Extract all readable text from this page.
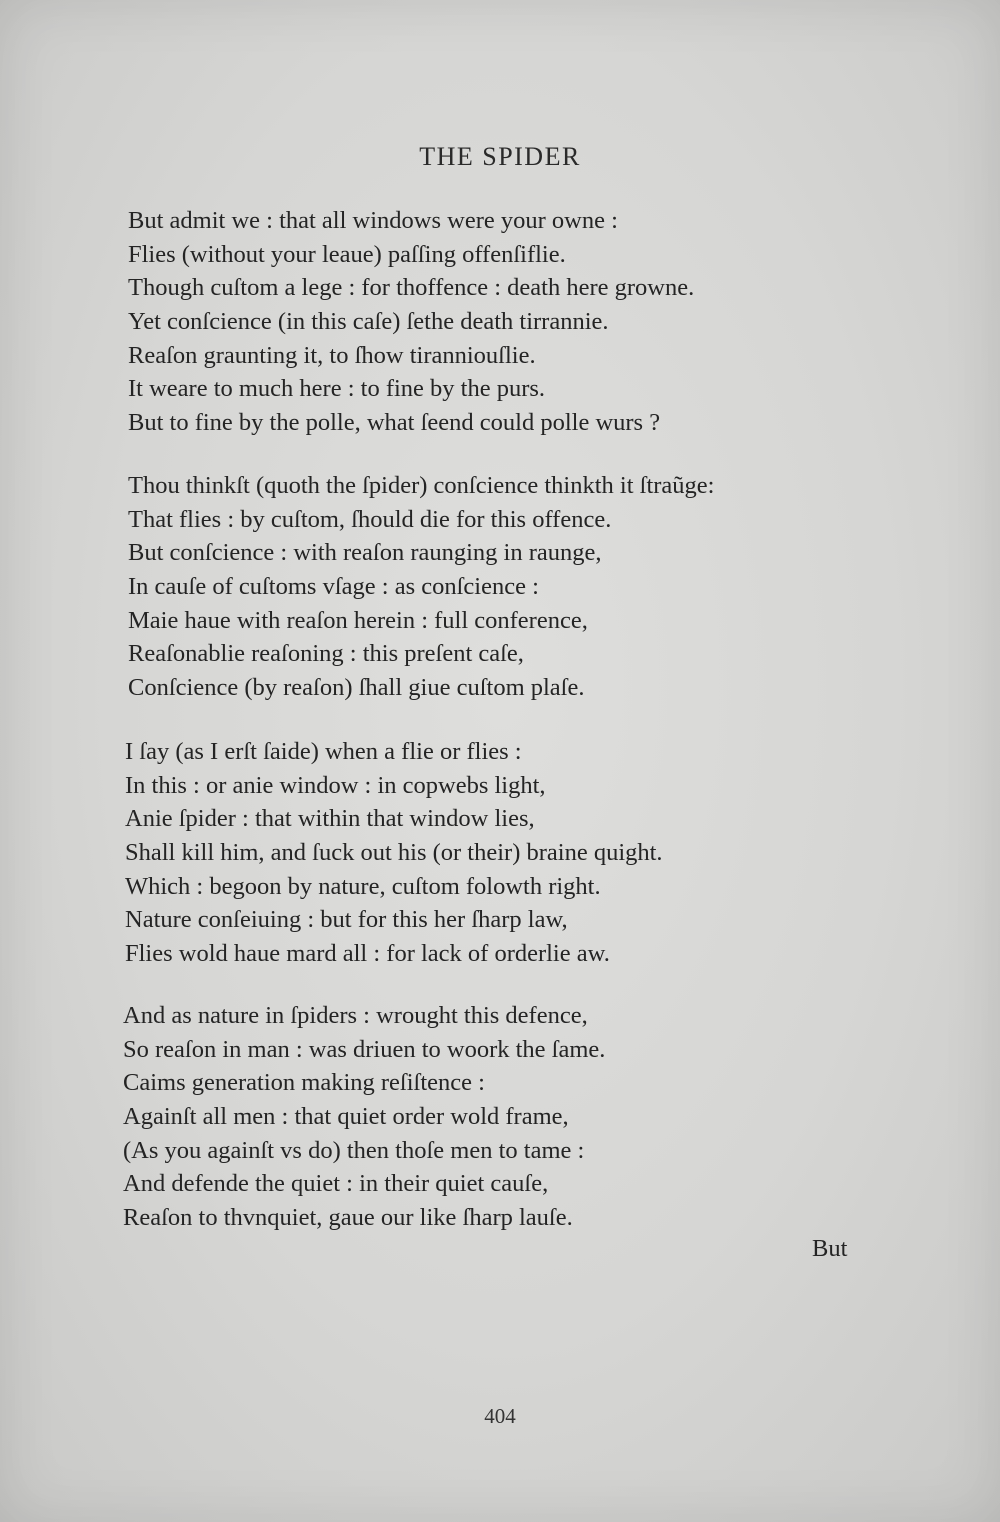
THE SPIDER
But admit we : that all windows were your owne :
Flies (without your leaue) paſſing offenſiflie.
Though cuſtom a lege : for thoffence : death here growne.
Yet conſcience (in this caſe) ſethe death tirrannie.
Reaſon graunting it, to ſhow tirannіouſlie.
It weare to much here : to fine by the purs.
But to fine by the polle, what ſeend could polle wurs ?
Thou thinkſt (quoth the ſpider) conſcience thinkth it ſtraũge:
That flies : by cuſtom, ſhould die for this offence.
But conſcience : with reaſon raunging in raunge,
In cauſe of cuſtoms vſage : as conſcience :
Maie haue with reaſon herein : full conference,
Reaſonablie reaſoning : this preſent caſe,
Conſcience (by reaſon) ſhall giue cuſtom plaſe.
I ſay (as I erſt ſaide) when a flie or flies :
In this : or anie window : in copwebs light,
Anie ſpider : that within that window lies,
Shall kill him, and ſuck out his (or their) braine quight.
Which : begoon by nature, cuſtom folowth right.
Nature conſeiuing : but for this her ſharp law,
Flies wold haue mard all : for lack of orderlie aw.
And as nature in ſpiders : wrought this defence,
So reaſon in man : was driuen to woork the ſame.
Caims generation making reſiſtence :
Againſt all men : that quiet order wold frame,
(As you againſt vs do) then thoſe men to tame :
And defende the quiet : in their quiet cauſe,
Reaſon to thvnquiet, gaue our like ſharp lauſe.
But
404
